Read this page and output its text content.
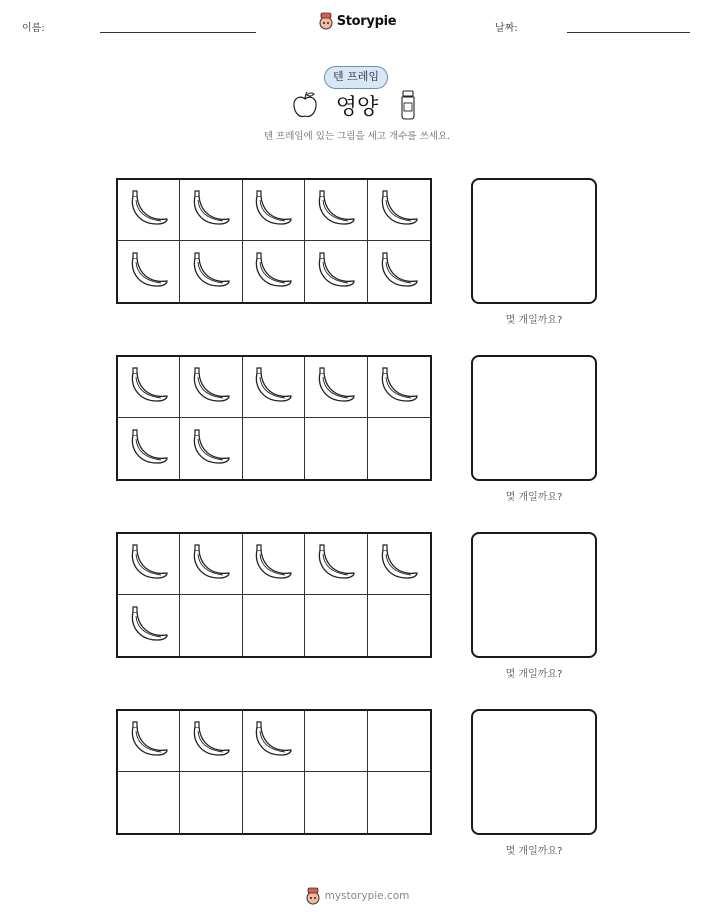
이름:	Storypie	날짜:
텐 프레임
영양
텐 프레임에 있는 그림을 세고 개수를 쓰세요.
몇 개일까요?
몇 개일까요?
몇 개일까요?
몇 개일까요?
mystorypie.com
